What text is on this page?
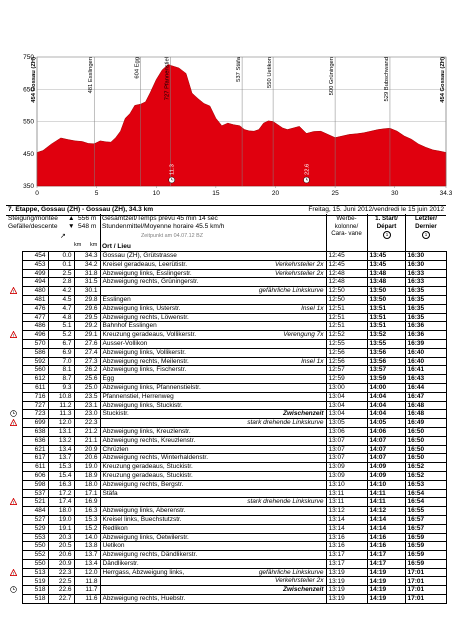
750
650
550
450
350
0	5	10	15	20	25	30	34.3
454 Gossau (ZH)	481 Esslingen	604 Egg	727 Pfannenstiel	537 Stäfa	550 Uetikon	500 Grüningen	529 Bubschwand	454 Gossau (ZH)
11.3	22.6
7. Etappe, Gossau (ZH) - Gossau (ZH), 34.3 km	Freitag, 15. Juni 2012/vendredi le 15 juin 2012
Steigung/montée ▲ 556 m
Gefälle/descente ▼ 548 m
Gesamtzeit/Temps prévu 45 min 14 sec
Stundenmittel/Moyenne horaire 45.5 km/h
Zeitpunkt am 04.07.12 BZ
Ort / Lieu
km km
↗
Werbe- kolonne/ Cara- vane
1. Start/ Départ
Letzter/ Dernier
1	1
	454	0.0	34.3	Gossau (ZH), Grütstrasse	12:45	13:45	16:30
	453	0.1	34.2	Kreisel geradeaus, Leerütistr. Verkehrsteiler 2x	12:45	13:45	16:30
	499	2.5	31.8	Abzweigung links, Esslingerstr. Verkehrsteiler 2x	12:48	13:48	16:33
	494	2.8	31.5	Abzweigung rechts, Grüningerstr.	12:48	13:48	16:33

!	480	4.2	30.1	gefährliche Linkskurve	12:50	13:50	16:35
	481	4.5	29.8	Esslingen	12:50	13:50	16:35
	476	4.7	29.6	Abzweigung links, Usterstr. Insel 1x	12:51	13:51	16:35
	477	4.8	29.5	Abzweigung rechts, Löwenstr.	12:51	13:51	16:35
	486	5.1	29.2	Bahnhof Esslingen	12:51	13:51	16:36

!	496	5.2	29.1	Kreuzung geradeaus, Vollikerstr. Verengung 7x	12:52	13:52	16:36
	570	6.7	27.6	Ausser-Vollikon	12:55	13:55	16:39
	586	6.9	27.4	Abzweigung links, Vollikerstr.	12:56	13:56	16:40
	592	7.0	27.3	Abzweigung rechts, Meilenstr. Insel 1x	12:56	13:56	16:40
	560	8.1	26.2	Abzweigung links, Fischerstr.	12:57	13:57	16:41
	612	8.7	25.6	Egg	12:59	13:59	16:43
	611	9.3	25.0	Abzweigung links, Pfannenstielstr.	13:00	14:00	16:44
	716	10.8	23.5	Pfannenstiel, Herrenweg	13:04	14:04	16:47
	727	11.2	23.1	Abzweigung links, Stuckistr.	13:04	14:04	16:48
	723	11.3	23.0	Stuckistr. Zwischenzeit	13:04	14:04	16:48

!	699	12.0	22.3	stark drehende Linkskurve	13:05	14:05	16:49
	638	13.1	21.2	Abzweigung links, Kreuzlenstr.	13:06	14:06	16:50
	636	13.2	21.1	Abzweigung rechts, Kreuzlenstr.	13:07	14:07	16:50
	621	13.4	20.9	Chrüzlen	13:07	14:07	16:50
	617	13.7	20.6	Abzweigung rechts, Winterhaldenstr.	13:07	14:07	16:50
	611	15.3	19.0	Kreuzung geradeaus, Stuckistr.	13:09	14:09	16:52
	606	15.4	18.9	Kreuzung geradeaus, Stuckistr.	13:09	14:09	16:52
	598	16.3	18.0	Abzweigung rechts, Bergstr.	13:10	14:10	16:53
	537	17.2	17.1	Stäfa	13:11	14:11	16:54

!	521	17.4	16.9	stark drehende Linkskurve	13:11	14:11	16:54
	484	18.0	16.3	Abzweigung links, Aberenstr.	13:12	14:12	16:55
	527	19.0	15.3	Kreisel links, Buechstutzstr.	13:14	14:14	16:57
	529	19.1	15.2	Redlikon	13:14	14:14	16:57
	553	20.3	14.0	Abzweigung links, Oetwilerstr.	13:16	14:16	16:59
	550	20.5	13.8	Uetikon	13:16	14:16	16:59
	552	20.6	13.7	Abzweigung rechts, Dändlikerstr.	13:17	14:17	16:59
	550	20.9	13.4	Dändlikerstr.	13:17	14:17	16:59

!	513	22.3	12.0	Herrgass, Abzweigung links, gefährliche Linkskurve	13:19	14:19	17:01
	519	22.5	11.8	Verkehrsteiler 2x	13:19	14:19	17:01
	518	22.6	11.7	Zwischenzeit	13:19	14:19	17:01
	518	22.7	11.6	Abzweigung rechts, Huebstr.	13:19	14:19	17:01
